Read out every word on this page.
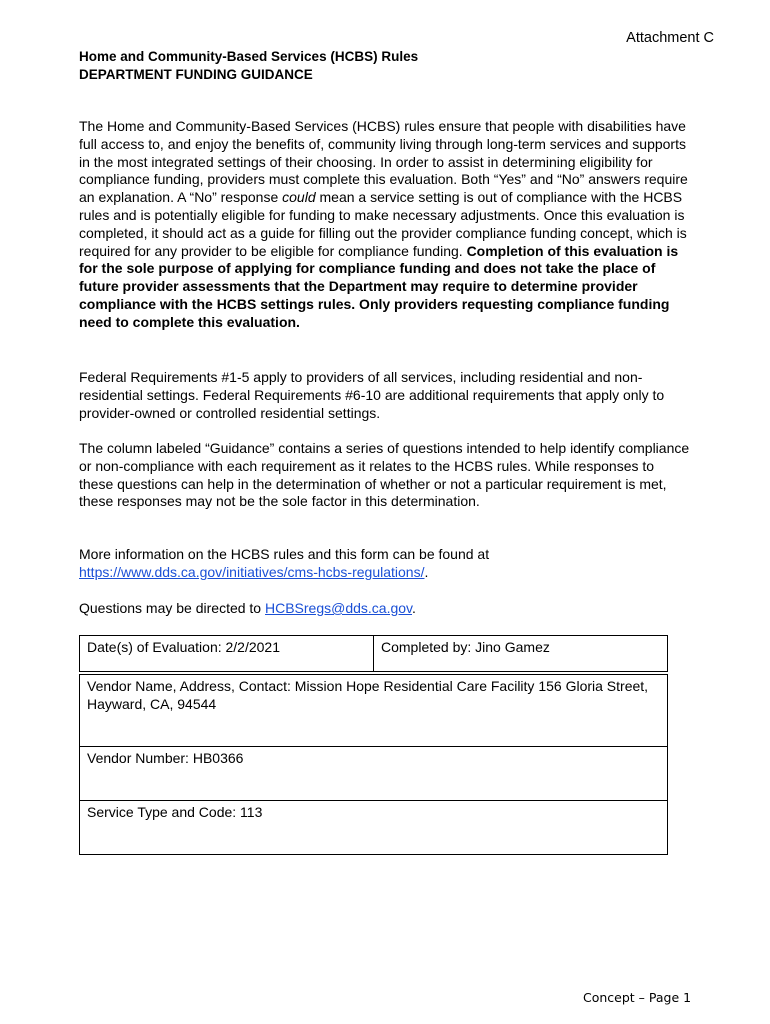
Attachment C
Home and Community-Based Services (HCBS) Rules
DEPARTMENT FUNDING GUIDANCE

The Home and Community-Based Services (HCBS) rules ensure that people with disabilities have full access to, and enjoy the benefits of, community living through long-term services and supports in the most integrated settings of their choosing. In order to assist in determining eligibility for compliance funding, providers must complete this evaluation. Both “Yes” and “No” answers require an explanation. A “No” response could mean a service setting is out of compliance with the HCBS rules and is potentially eligible for funding to make necessary adjustments. Once this evaluation is completed, it should act as a guide for filling out the provider compliance funding concept, which is required for any provider to be eligible for compliance funding. Completion of this evaluation is for the sole purpose of applying for compliance funding and does not take the place of future provider assessments that the Department may require to determine provider compliance with the HCBS settings rules. Only providers requesting compliance funding need to complete this evaluation.

Federal Requirements #1-5 apply to providers of all services, including residential and non-residential settings. Federal Requirements #6-10 are additional requirements that apply only to provider-owned or controlled residential settings.

The column labeled “Guidance” contains a series of questions intended to help identify compliance or non-compliance with each requirement as it relates to the HCBS rules. While responses to these questions can help in the determination of whether or not a particular requirement is met, these responses may not be the sole factor in this determination.

More information on the HCBS rules and this form can be found at
https://www.dds.ca.gov/initiatives/cms-hcbs-regulations/.

Questions may be directed to HCBSregs@dds.ca.gov.

Date(s) of Evaluation: 2/2/2021	Completed by: Jino Gamez
Vendor Name, Address, Contact: Mission Hope Residential Care Facility 156 Gloria Street, Hayward, CA, 94544
Vendor Number: HB0366
Service Type and Code: 113
Concept – Page 1
